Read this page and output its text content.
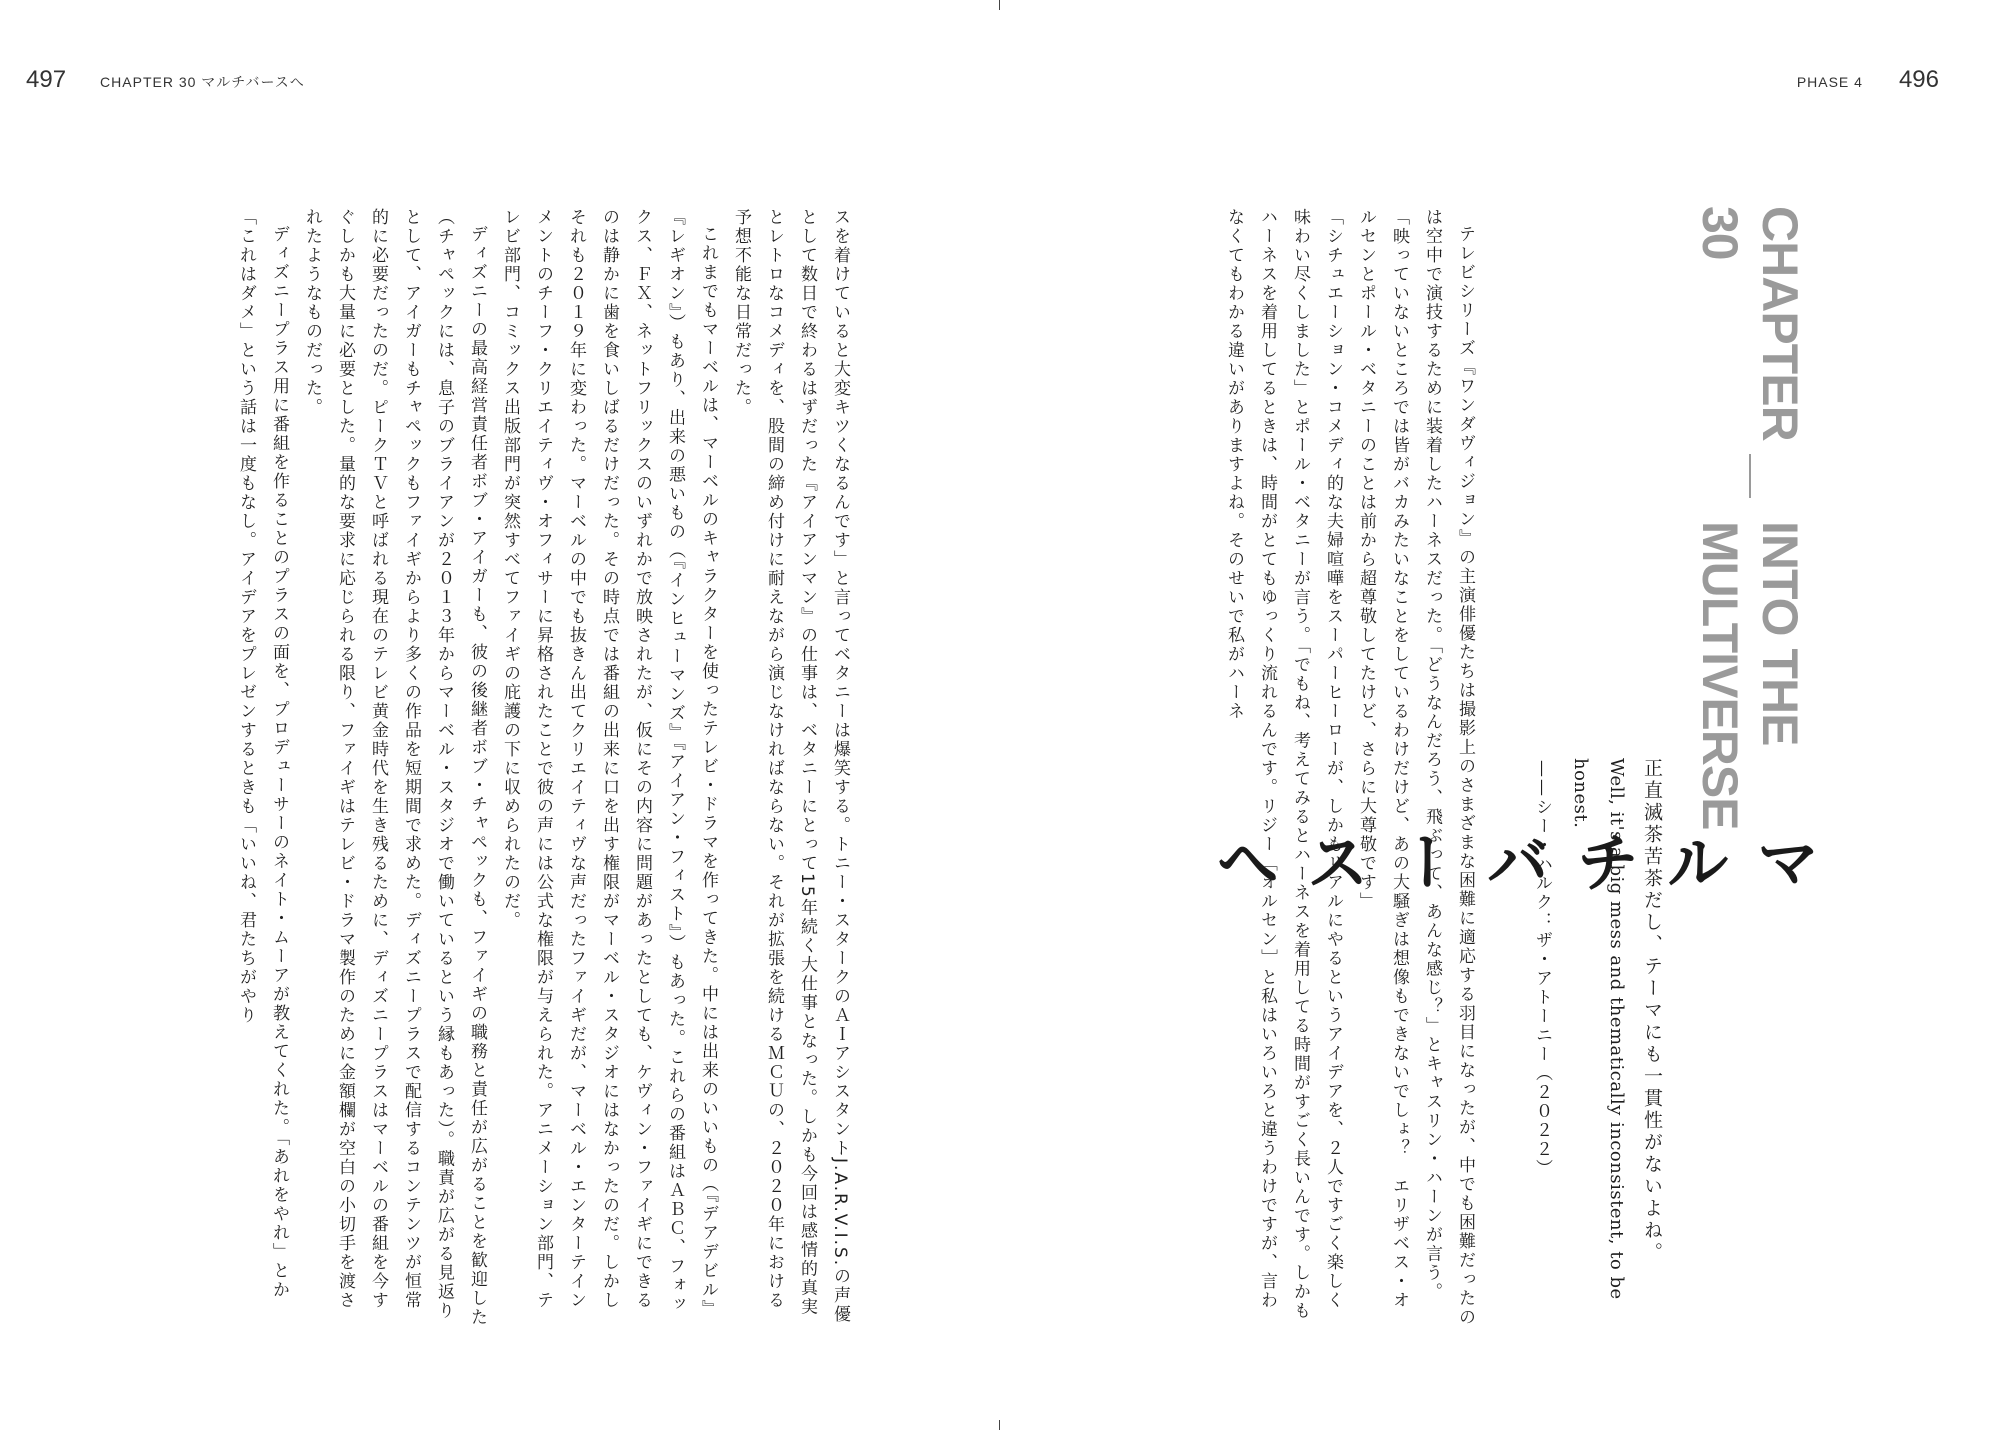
497 CHAPTER 30 マルチバースへ

スを着けていると大変キツくなるんです」と言ってベタニーは爆笑する。トニー・スタークのＡＩアシスタントJ.A.R.V.I.S.の声優として数日で終わるはずだった『アイアンマン』の仕事は、ベタニーにとって15年続く大仕事となった。しかも今回は感情的真実とレトロなコメディを、股間の締め付けに耐えながら演じなければならない。それが拡張を続けるＭＣＵの、２０２０年における予想不能な日常だった。

これまでもマーベルは、マーベルのキャラクターを使ったテレビ・ドラマを作ってきた。中には出来のいいもの（『デアデビル』『レギオン』）もあり、出来の悪いもの（『インヒューマンズ』『アイアン・フィスト』）もあった。これらの番組はＡＢＣ、フォックス、ＦＸ、ネットフリックスのいずれかで放映されたが、仮にその内容に問題があったとしても、ケヴィン・ファイギにできるのは静かに歯を食いしばるだけだった。その時点では番組の出来に口を出す権限がマーベル・スタジオにはなかったのだ。しかしそれも２０１９年に変わった。マーベルの中でも抜きん出てクリエイティヴな声だったファイギだが、マーベル・エンターテインメントのチーフ・クリエイティヴ・オフィサーに昇格されたことで彼の声には公式な権限が与えられた。アニメーション部門、テレビ部門、コミックス出版部門が突然すべてファイギの庇護の下に収められたのだ。

ディズニーの最高経営責任者ボブ・アイガーも、彼の後継者ボブ・チャペックも、ファイギの職務と責任が広がることを歓迎した（チャペックには、息子のブライアンが２０１３年からマーベル・スタジオで働いているという縁もあった）。職責が広がる見返りとして、アイガーもチャペックもファイギからより多くの作品を短期間で求めた。ディズニープラスで配信するコンテンツが恒常的に必要だったのだ。ピークＴＶと呼ばれる現在のテレビ黄金時代を生き残るために、ディズニープラスはマーベルの番組を今すぐしかも大量に必要とした。量的な要求に応じられる限り、ファイギはテレビ・ドラマ製作のために金額欄が空白の小切手を渡されたようなものだった。

ディズニープラス用に番組を作ることのプラスの面を、プロデューサーのネイト・ムーアが教えてくれた。「あれをやれ」とか「これはダメ」という話は一度もなし。アイデアをプレゼンするときも「いいね、君たちがやり

PHASE 4 496
CHAPTER 30
INTO THE MULTIVERSE
マルチバースへ	正直滅茶苦茶だし、テーマにも一貫性がないよね。
Well, it's a big mess and thematically inconsistent, to be honest.
——シー・ハルク：ザ・アトーニー（２０２２）

テレビシリーズ『ワンダヴィジョン』の主演俳優たちは撮影上のさまざまな困難に適応する羽目になったが、中でも困難だったのは空中で演技するために装着したハーネスだった。「どうなんだろう、飛ぶって、あんな感じ？」とキャスリン・ハーンが言う。「映っていないところでは皆がバカみたいなことをしているわけだけど、あの大騒ぎは想像もできないでしょ？　エリザベス・オルセンとポール・ベタニーのことは前から超尊敬してたけど、さらに大尊敬です」

「シチュエーション・コメディ的な夫婦喧嘩をスーパーヒーローが、しかもリアルにやるというアイデアを、２人ですごく楽しく味わい尽くしました」とポール・ベタニーが言う。「でもね、考えてみるとハーネスを着用してる時間がすごく長いんです。しかもハーネスを着用してるときは、時間がとてもゆっくり流れるんです。リジー［オルセン］と私はいろいろと違うわけですが、言わなくてもわかる違いがありますよね。そのせいで私がハーネ
